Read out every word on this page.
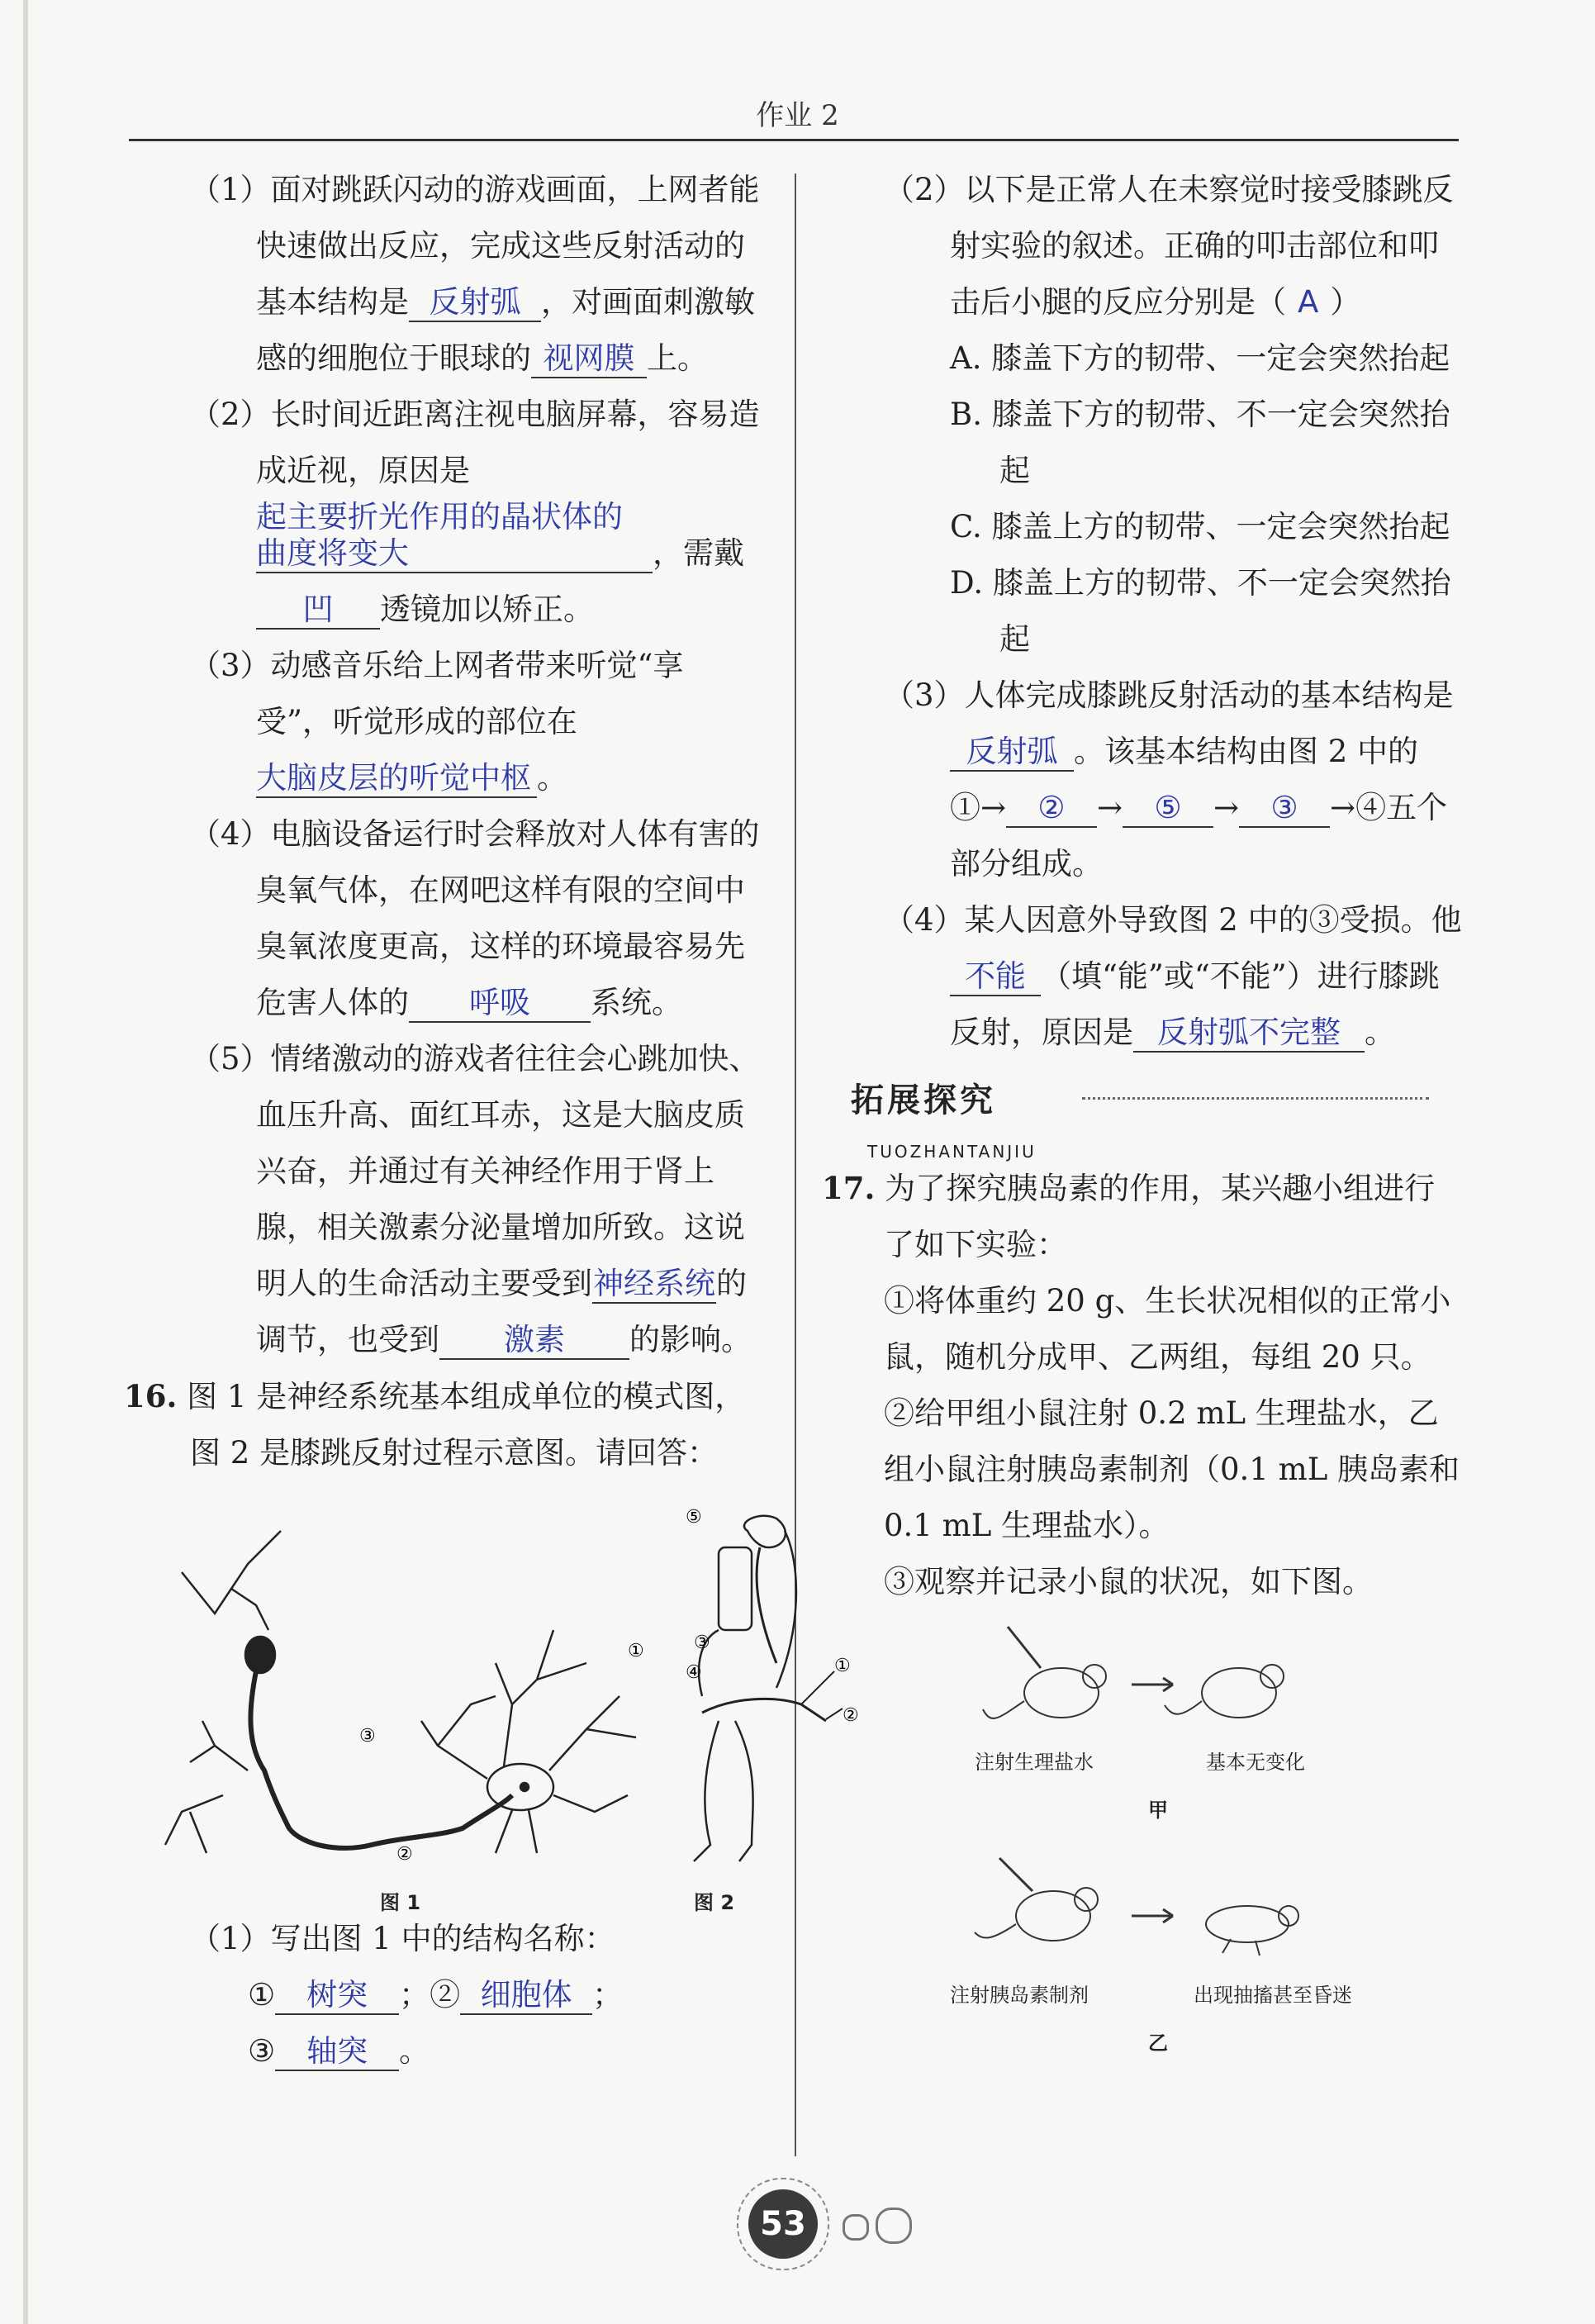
作业 2

（1）面对跳跃闪动的游戏画面，上网者能快速做出反应，完成这些反射活动的基本结构是 反射弧 ，对画面刺激敏感的细胞位于眼球的 视网膜 上。

（2）长时间近距离注视电脑屏幕，容易造成近视，原因是起主要折光作用的晶状体的曲度将变大	，需戴凹 透镜加以矫正。

（3）动感音乐给上网者带来听觉“享受”，听觉形成的部位在大脑皮层的听觉中枢 。

（4）电脑设备运行时会释放对人体有害的臭氧气体，在网吧这样有限的空间中臭氧浓度更高，这样的环境最容易先危害人体的 呼吸 系统。

（5）情绪激动的游戏者往往会心跳加快、血压升高、面红耳赤，这是大脑皮质兴奋，并通过有关神经作用于肾上腺，相关激素分泌量增加所致。这说明人的生命活动主要受到神经系统的调节，也受到 激素 的影响。

16. 图 1 是神经系统基本组成单位的模式图，图 2 是膝跳反射过程示意图。请回答：

①
②
③
⑤
③
④	①
②
图 1	图 2

（1）写出图 1 中的结构名称：

① 树突 ；② 细胞体 ；
③ 轴突 。

（2）以下是正常人在未察觉时接受膝跳反射实验的叙述。正确的叩击部位和叩击后小腿的反应分别是（ A ）

A. 膝盖下方的韧带、一定会突然抬起

B. 膝盖下方的韧带、不一定会突然抬起

C. 膝盖上方的韧带、一定会突然抬起

D. 膝盖上方的韧带、不一定会突然抬起

（3）人体完成膝跳反射活动的基本结构是反射弧 。该基本结构由图 2 中的①→ ② → ⑤ → ③ →④五个部分组成。

（4）某人因意外导致图 2 中的③受损。他不能 （填“能”或“不能”）进行膝跳反射，原因是 反射弧不完整 。

拓展探究
TUOZHANTANJIU

17. 为了探究胰岛素的作用，某兴趣小组进行了如下实验：

①将体重约 20 g、生长状况相似的正常小鼠，随机分成甲、乙两组，每组 20 只。

②给甲组小鼠注射 0.2 mL 生理盐水，乙组小鼠注射胰岛素制剂（0.1 mL 胰岛素和 0.1 mL 生理盐水）。

③观察并记录小鼠的状况，如下图。

注射生理盐水	基本无变化
甲
注射胰岛素制剂	出现抽搐甚至昏迷
乙
53
